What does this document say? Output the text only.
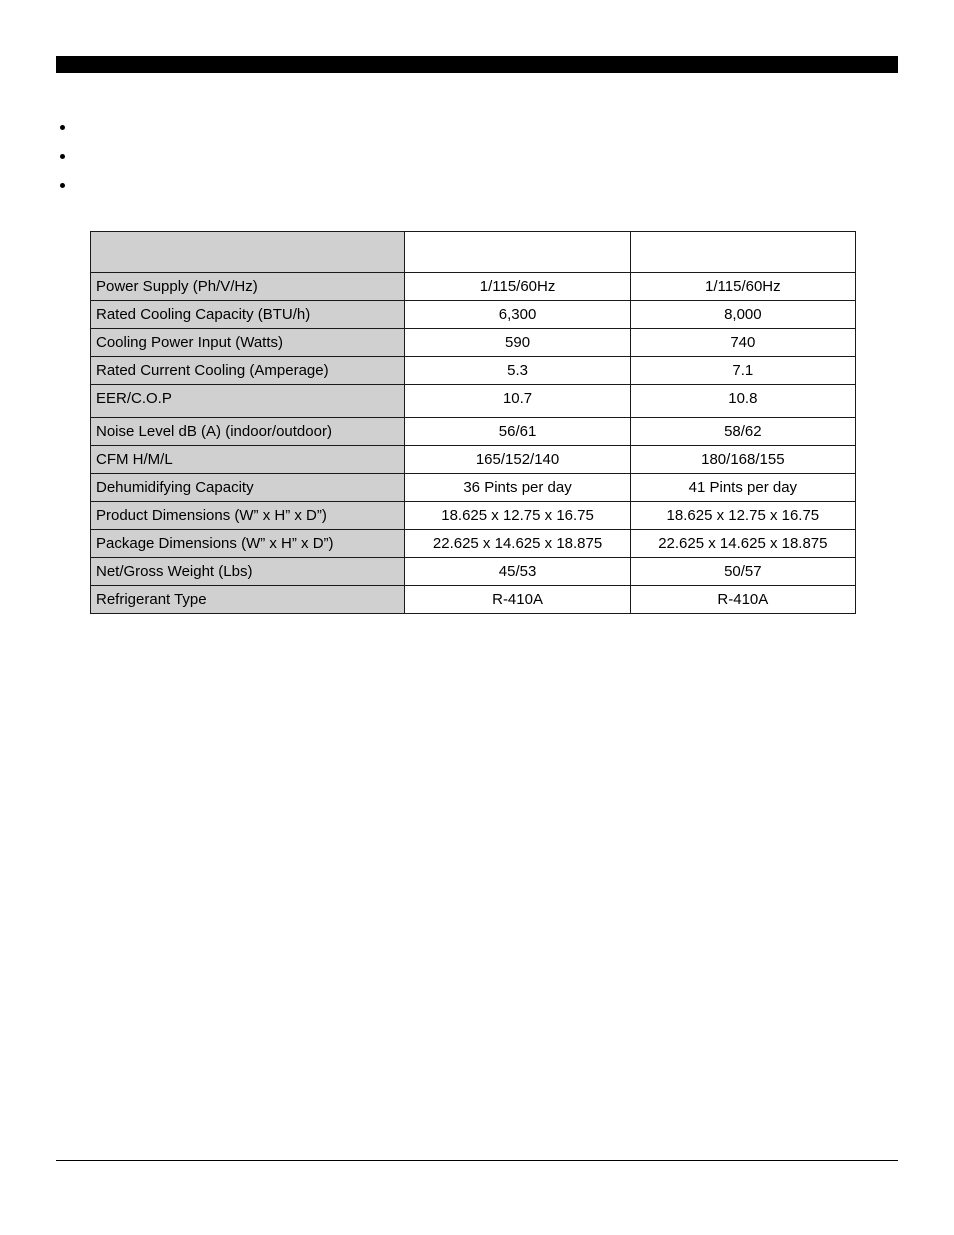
Power Supply (Ph/V/Hz)	1/115/60Hz	1/115/60Hz
Rated Cooling Capacity (BTU/h)	6,300	8,000
Cooling Power Input (Watts)	590	740
Rated Current Cooling (Amperage)	5.3	7.1
EER/C.O.P	10.7	10.8
Noise Level dB (A) (indoor/outdoor)	56/61	58/62
CFM H/M/L	165/152/140	180/168/155
Dehumidifying Capacity	36 Pints per day	41 Pints per day
Product Dimensions (W” x H” x D”)	18.625 x 12.75 x 16.75	18.625 x 12.75 x 16.75
Package Dimensions (W” x H” x D”)	22.625 x 14.625 x 18.875	22.625 x 14.625 x 18.875
Net/Gross Weight (Lbs)	45/53	50/57
Refrigerant Type	R-410A	R-410A
